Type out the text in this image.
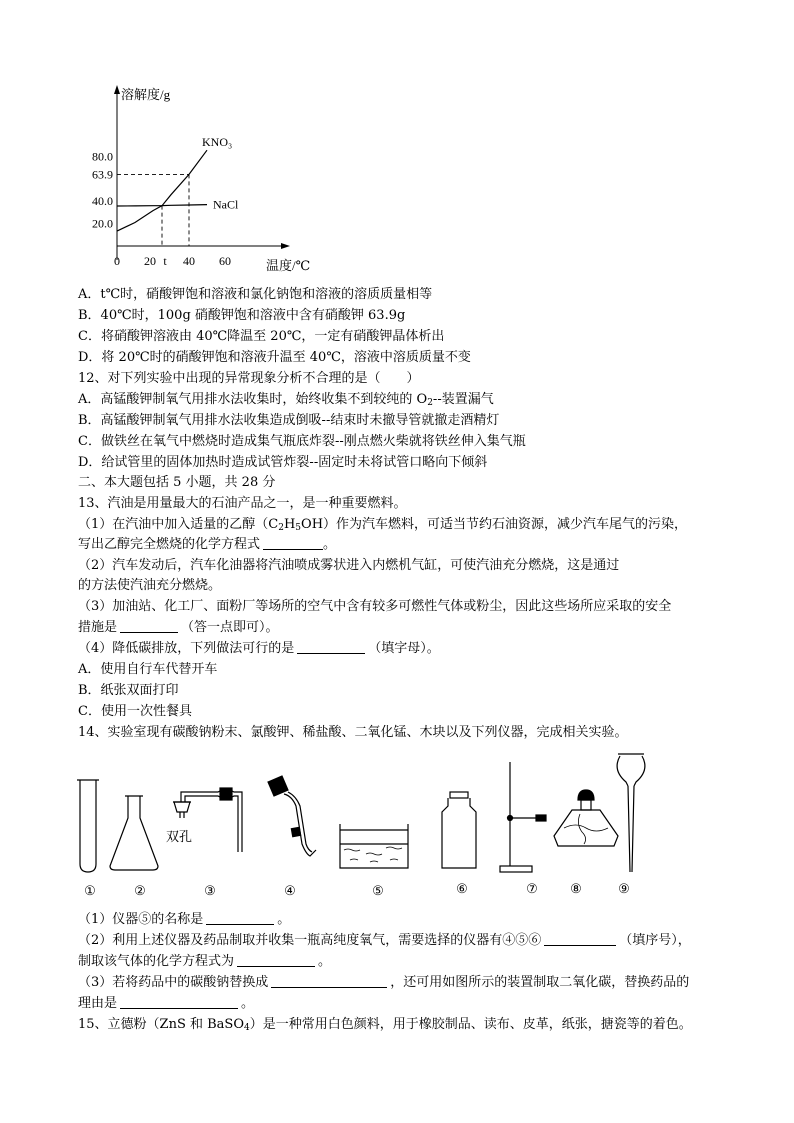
溶解度/g
温度/℃
20.0
40.0
63.9
80.0
0 20 t 40 60
KNO₃
NaCl
A．t℃时，硝酸钾饱和溶液和氯化钠饱和溶液的溶质质量相等
B．40℃时，100g 硝酸钾饱和溶液中含有硝酸钾 63.9g
C．将硝酸钾溶液由 40℃降温至 20℃，一定有硝酸钾晶体析出
D．将 20℃时的硝酸钾饱和溶液升温至 40℃，溶液中溶质质量不变
12、对下列实验中出现的异常现象分析不合理的是（　　）
A．高锰酸钾制氧气用排水法收集时，始终收集不到较纯的 $O_2--$装置漏气
B．高锰酸钾制氧气用排水法收集造成倒吸--结束时未撤导管就撤走酒精灯
C．做铁丝在氧气中燃烧时造成集气瓶底炸裂--刚点燃火柴就将铁丝伸入集气瓶
D．给试管里的固体加热时造成试管炸裂--固定时未将试管口略向下倾斜
二、本大题包括 5 小题，共 28 分
13、汽油是用量最大的石油产品之一，是一种重要燃料。
（1）在汽油中加入适量的乙醇$(C_2H_5OH)$作为汽车燃料，可适当节约石油资源，减少汽车尾气的污染，
写出乙醇完全燃烧的化学方程式	。
（2）汽车发动后，汽车化油器将汽油喷成雾状进入内燃机气缸，可使汽油充分燃烧，这是通过
的方法使汽油充分燃烧。
（3）加油站、化工厂、面粉厂等场所的空气中含有较多可燃性气体或粉尘，因此这些场所应采取的安全
措施是	（答一点即可）。
（4）降低碳排放，下列做法可行的是	（填字母）。
A．使用自行车代替开车
B．纸张双面打印
C．使用一次性餐具
14、实验室现有碳酸钠粉末、氯酸钾、稀盐酸、二氧化锰、木块以及下列仪器，完成相关实验。
双孔
①	②	③	④	⑤	⑥	⑦	⑧	⑨
（1）仪器⑤的名称是	。
（2）利用上述仪器及药品制取并收集一瓶高纯度氧气，需要选择的仪器有④⑤⑥	（填序号），
制取该气体的化学方程式为	。
（3）若将药品中的碳酸钠替换成	，还可用如图所示的装置制取二氧化碳，替换药品的
理由是	。
15、立德粉（ZnS 和 BaSO$_4$）是一种常用白色颜料，用于橡胶制品、读布、皮革，纸张，搪瓷等的着色。
